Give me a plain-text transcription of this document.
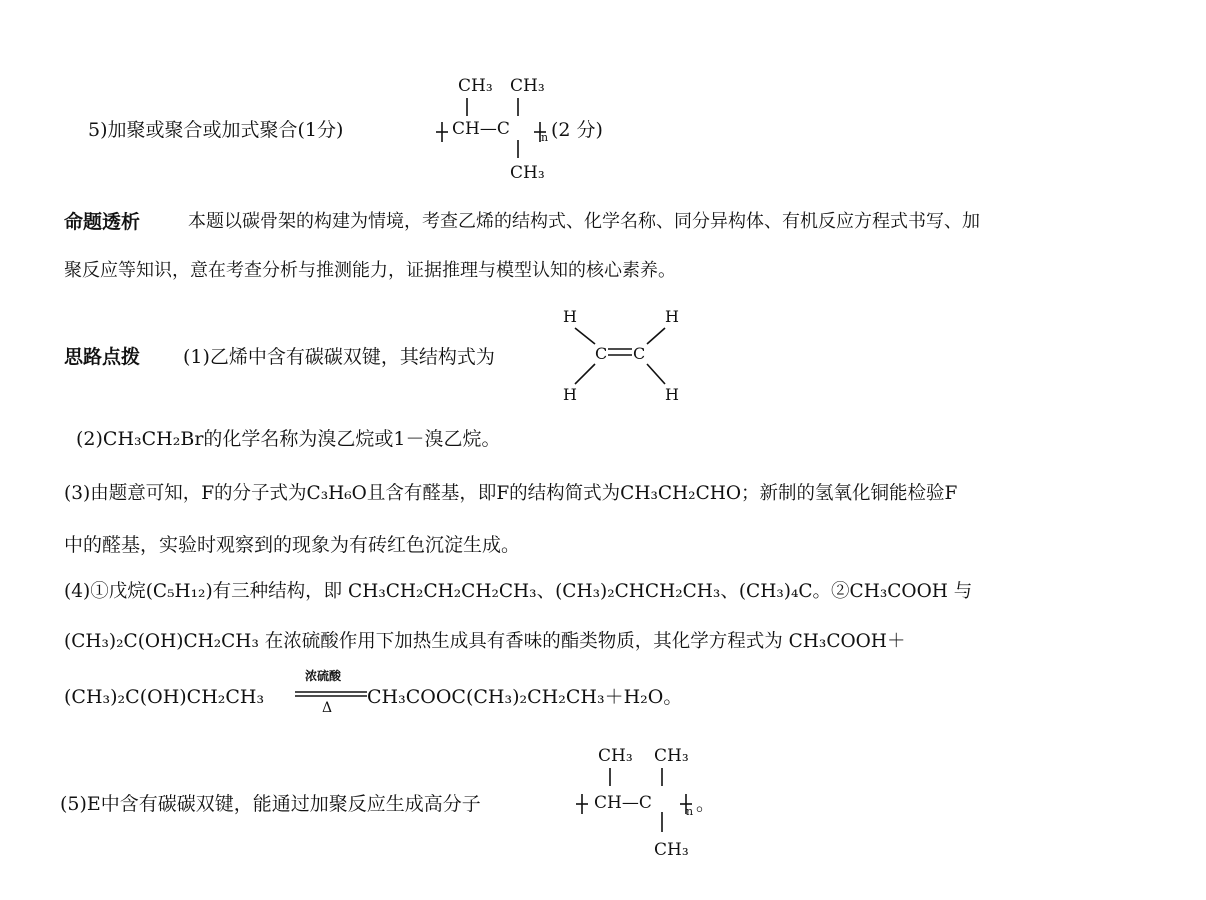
5)加聚或聚合或加式聚合(1分)
CH₃ CH₃
CH—C	n (2 分)
CH₃
命题透析	本题以碳骨架的构建为情境，考查乙烯的结构式、化学名称、同分异构体、有机反应方程式书写、加
聚反应等知识，意在考查分析与推测能力，证据推理与模型认知的核心素养。
思路点拨 (1)乙烯中含有碳碳双键，其结构式为
H	H
C C
H	H
(2)CH₃CH₂Br的化学名称为溴乙烷或1－溴乙烷。
(3)由题意可知，F的分子式为C₃H₆O且含有醛基，即F的结构简式为CH₃CH₂CHO；新制的氢氧化铜能检验F
中的醛基，实验时观察到的现象为有砖红色沉淀生成。
(4)①戊烷(C₅H₁₂)有三种结构，即 CH₃CH₂CH₂CH₂CH₃、(CH₃)₂CHCH₂CH₃、(CH₃)₄C。②CH₃COOH 与
(CH₃)₂C(OH)CH₂CH₃ 在浓硫酸作用下加热生成具有香味的酯类物质，其化学方程式为 CH₃COOH＋
(CH₃)₂C(OH)CH₂CH₃
浓硫酸
Δ CH₃COOC(CH₃)₂CH₂CH₃＋H₂O。
CH₃ CH₃
(5)E中含有碳碳双键，能通过加聚反应生成高分子	CH—C	n 。
CH₃
